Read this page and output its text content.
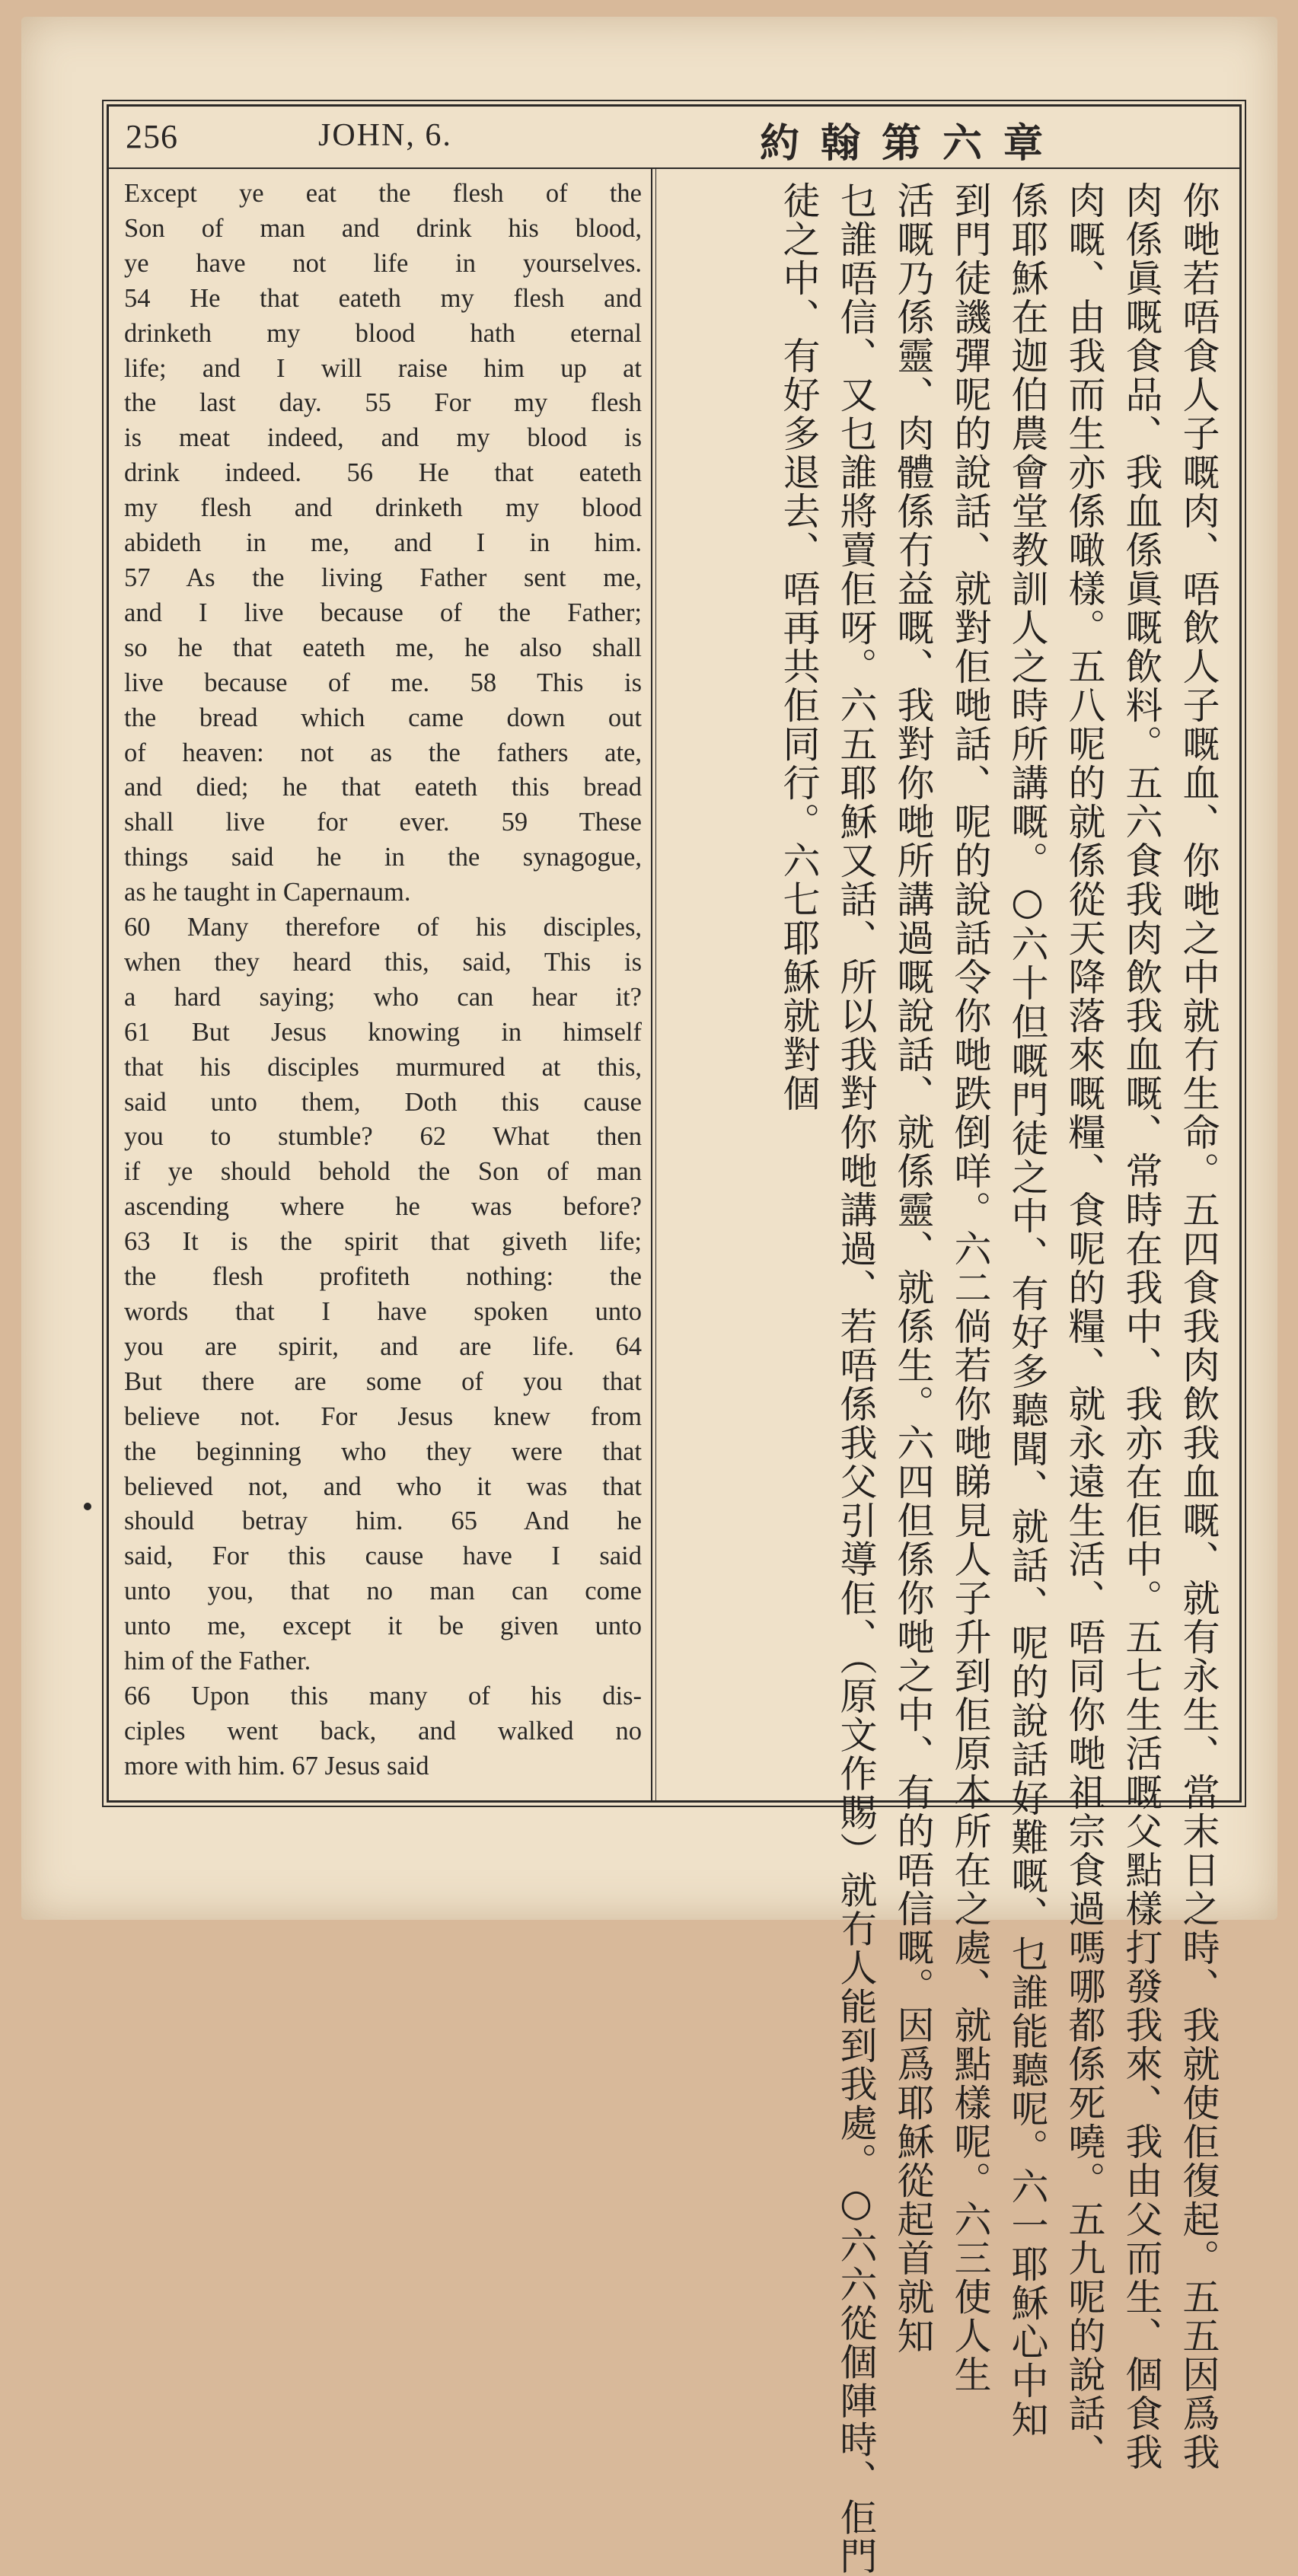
256	JOHN, 6.	約翰第六章
Except ye eat the flesh of the
Son of man and drink his blood,
ye have not life in yourselves.
54 He that eateth my flesh and
drinketh my blood hath eternal
life; and I will raise him up at
the last day. 55 For my flesh
is meat indeed, and my blood is
drink indeed. 56 He that eateth
my flesh and drinketh my blood
abideth in me, and I in him.
57 As the living Father sent me,
and I live because of the Father;
so he that eateth me, he also shall
live because of me. 58 This is
the bread which came down out
of heaven: not as the fathers ate,
and died; he that eateth this bread
shall live for ever. 59 These
things said he in the synagogue,
as he taught in Capernaum.
60 Many therefore of his disciples,
when they heard this, said, This is
a hard saying; who can hear it?
61 But Jesus knowing in himself
that his disciples murmured at this,
said unto them, Doth this cause
you to stumble? 62 What then
if ye should behold the Son of man
ascending where he was before?
63 It is the spirit that giveth life;
the flesh profiteth nothing: the
words that I have spoken unto
you are spirit, and are life. 64
But there are some of you that
believe not. For Jesus knew from
the beginning who they were that
believed not, and who it was that
should betray him. 65 And he
said, For this cause have I said
unto you, that no man can come
unto me, except it be given unto
him of the Father.
66 Upon this many of his dis-
ciples went back, and walked no
more with him. 67 Jesus said	你哋若唔食人子嘅肉、唔飲人子嘅血、你哋之中就冇生命。五四食我肉飲我血嘅、就有永生、當末日之時、我就使佢復起。五五因爲我
肉係眞嘅食品、我血係眞嘅飲料。五六食我肉飲我血嘅、常時在我中、我亦在佢中。五七生活嘅父點樣打發我來、我由父而生、個食我
肉嘅、由我而生亦係噉樣。五八呢的就係從天降落來嘅糧、食呢的糧、就永遠生活、唔同你哋祖宗食過嗎哪都係死嘵。五九呢的說話、
係耶穌在迦伯農會堂教訓人之時所講嘅。○六十但嘅門徒之中、有好多聽聞、就話、呢的說話好難嘅、乜誰能聽呢。六一耶穌心中知
到門徒譏彈呢的說話、就對佢哋話、呢的說話令你哋跌倒咩。六二倘若你哋睇見人子升到佢原本所在之處、就點樣呢。六三使人生
活嘅乃係靈、肉體係冇益嘅、我對你哋所講過嘅說話、就係靈、就係生。六四但係你哋之中、有的唔信嘅。因爲耶穌從起首就知
乜誰唔信、又乜誰將賣佢呀。六五耶穌又話、所以我對你哋講過、若唔係我父引導佢、（原文作賜）就冇人能到我處。○六六從個陣時、佢門
徒之中、有好多退去、唔再共佢同行。六七耶穌就對個
